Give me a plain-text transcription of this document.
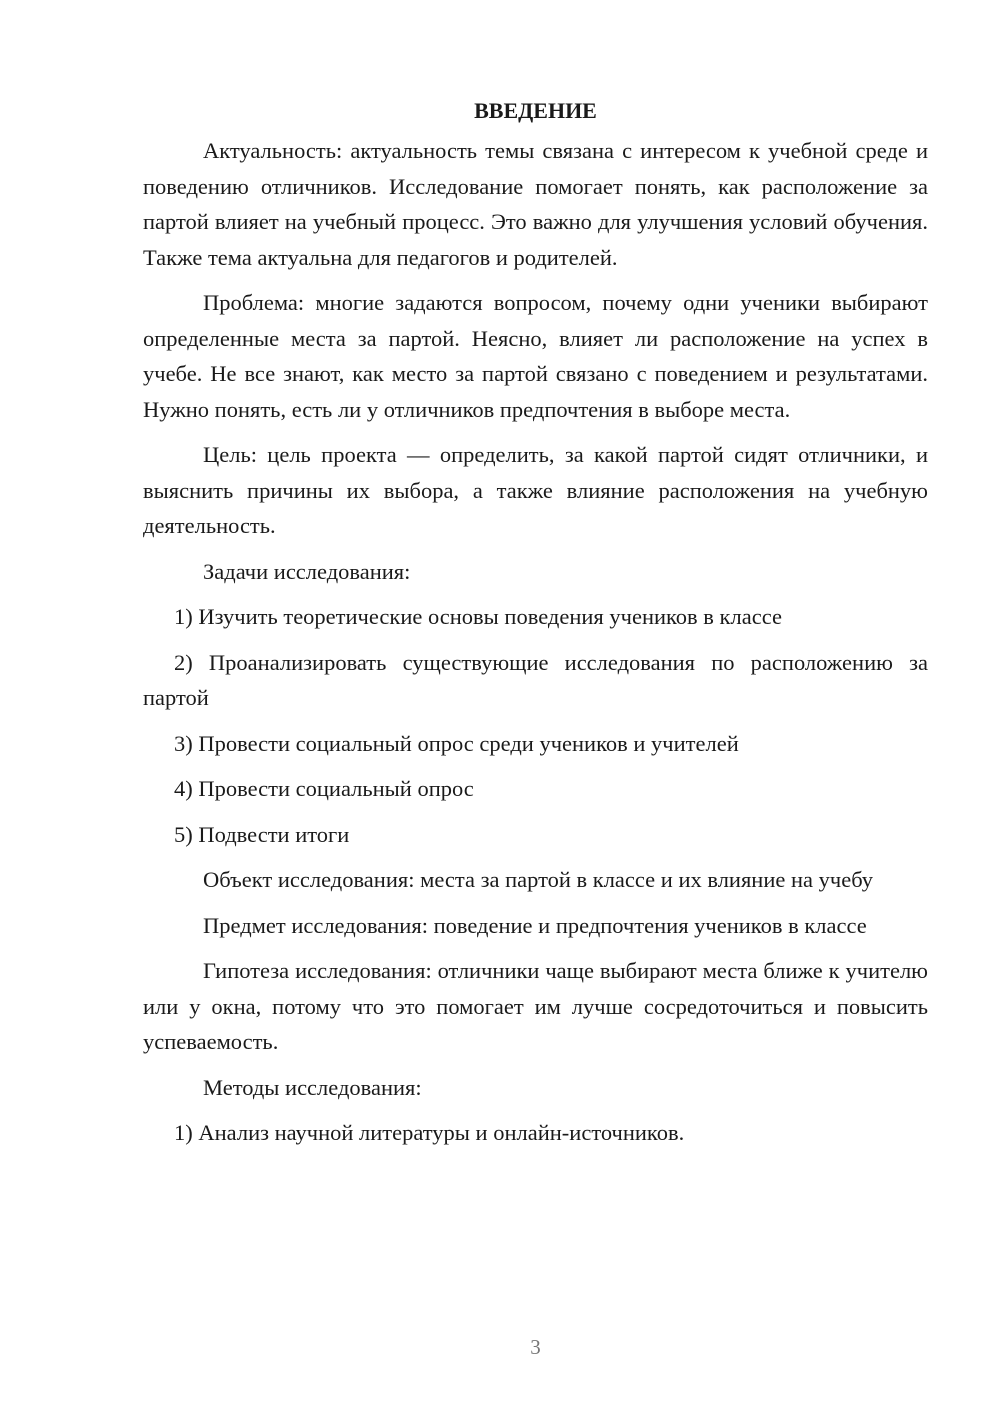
ВВЕДЕНИЕ

Актуальность: актуальность темы связана с интересом к учебной среде и поведению отличников. Исследование помогает понять, как расположение за партой влияет на учебный процесс. Это важно для улучшения условий обучения. Также тема актуальна для педагогов и родителей.

Проблема: многие задаются вопросом, почему одни ученики выбирают определенные места за партой. Неясно, влияет ли расположение на успех в учебе. Не все знают, как место за партой связано с поведением и результатами. Нужно понять, есть ли у отличников предпочтения в выборе места.

Цель: цель проекта — определить, за какой партой сидят отличники, и выяснить причины их выбора, а также влияние расположения на учебную деятельность.

Задачи исследования:

1) Изучить теоретические основы поведения учеников в классе

2) Проанализировать существующие исследования по расположению за партой

3) Провести социальный опрос среди учеников и учителей

4) Провести социальный опрос

5) Подвести итоги

Объект исследования: места за партой в классе и их влияние на учебу

Предмет исследования: поведение и предпочтения учеников в классе

Гипотеза исследования: отличники чаще выбирают места ближе к учителю или у окна, потому что это помогает им лучше сосредоточиться и повысить успеваемость.

Методы исследования:

1) Анализ научной литературы и онлайн-источников.

3
